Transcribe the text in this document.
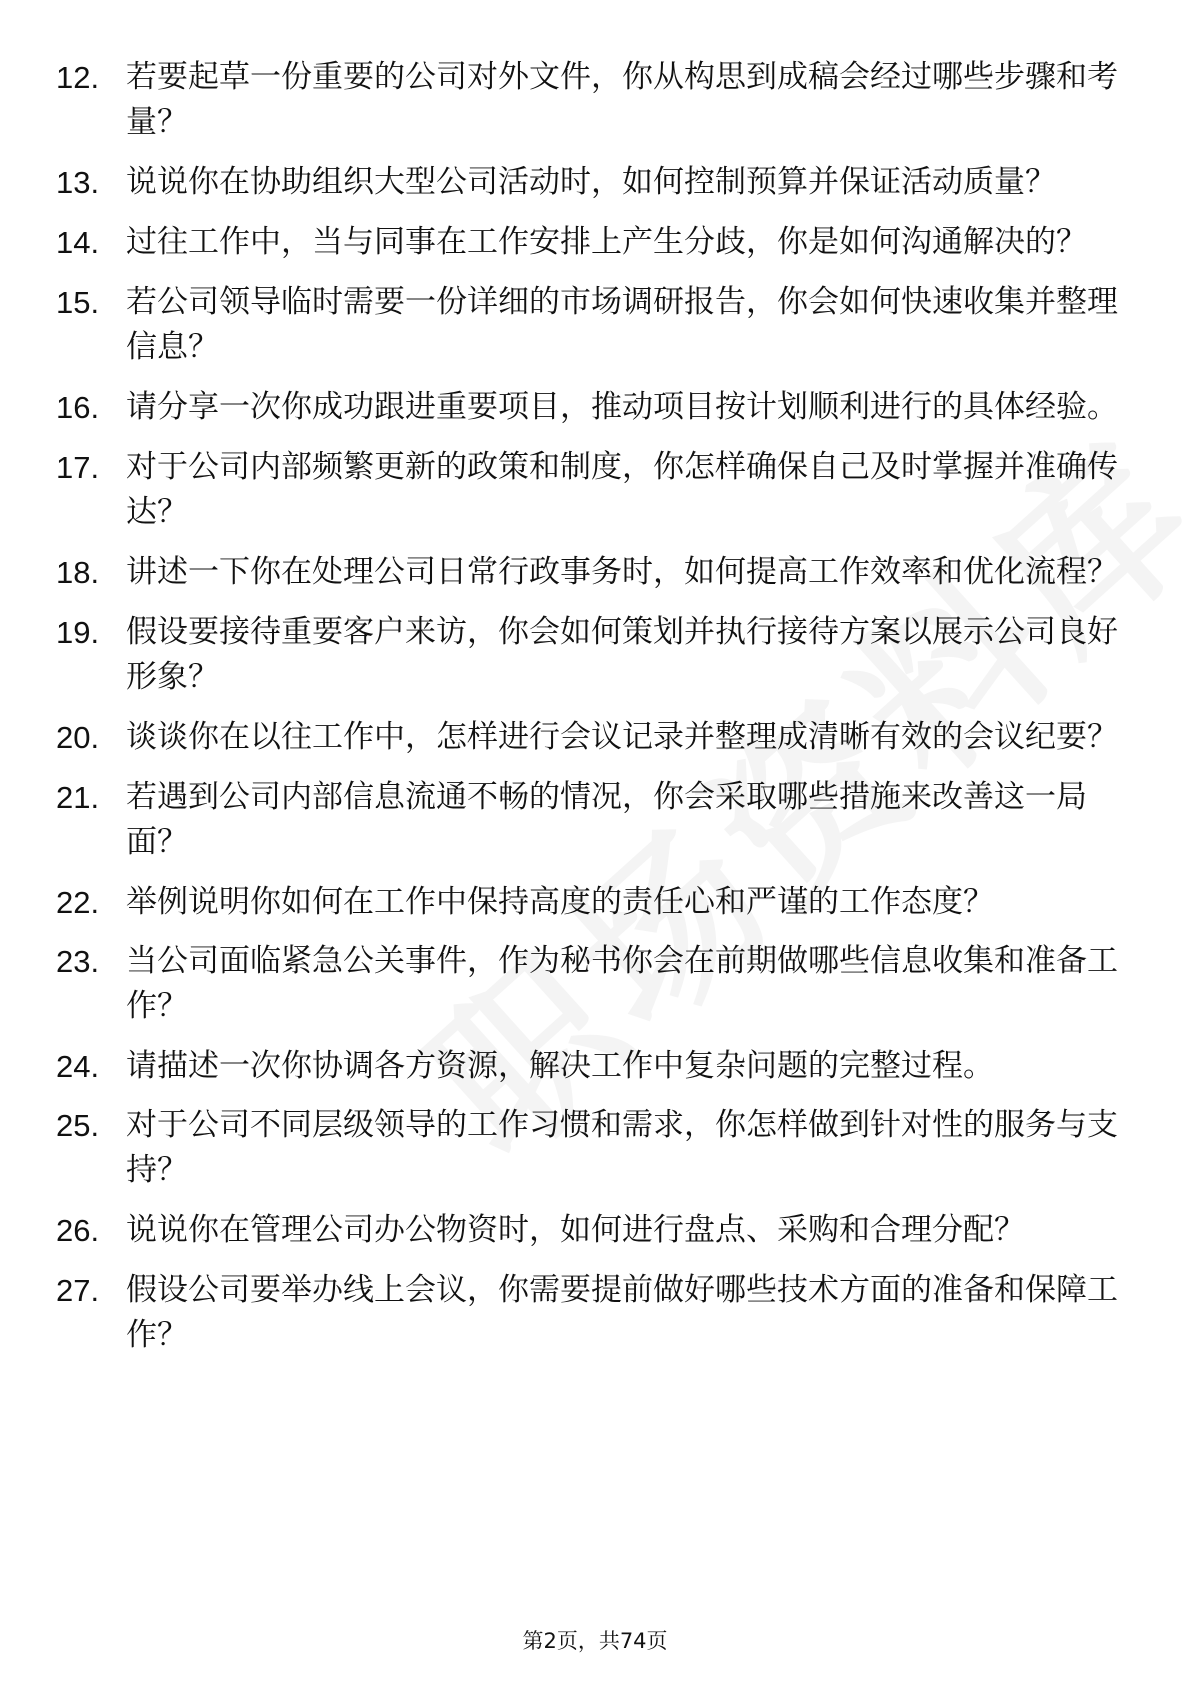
12. 若要起草一份重要的公司对外文件，你从构思到成稿会经过哪些步骤和考量？
13. 说说你在协助组织大型公司活动时，如何控制预算并保证活动质量？
14. 过往工作中，当与同事在工作安排上产生分歧，你是如何沟通解决的？
15. 若公司领导临时需要一份详细的市场调研报告，你会如何快速收集并整理信息？
16. 请分享一次你成功跟进重要项目，推动项目按计划顺利进行的具体经验。
17. 对于公司内部频繁更新的政策和制度，你怎样确保自己及时掌握并准确传达？
18. 讲述一下你在处理公司日常行政事务时，如何提高工作效率和优化流程？
19. 假设要接待重要客户来访，你会如何策划并执行接待方案以展示公司良好形象？
20. 谈谈你在以往工作中，怎样进行会议记录并整理成清晰有效的会议纪要？
21. 若遇到公司内部信息流通不畅的情况，你会采取哪些措施来改善这一局面？
22. 举例说明你如何在工作中保持高度的责任心和严谨的工作态度？
23. 当公司面临紧急公关事件，作为秘书你会在前期做哪些信息收集和准备工作？
24. 请描述一次你协调各方资源，解决工作中复杂问题的完整过程。
25. 对于公司不同层级领导的工作习惯和需求，你怎样做到针对性的服务与支持？
26. 说说你在管理公司办公物资时，如何进行盘点、采购和合理分配？
27. 假设公司要举办线上会议，你需要提前做好哪些技术方面的准备和保障工作？
第2页，共74页
